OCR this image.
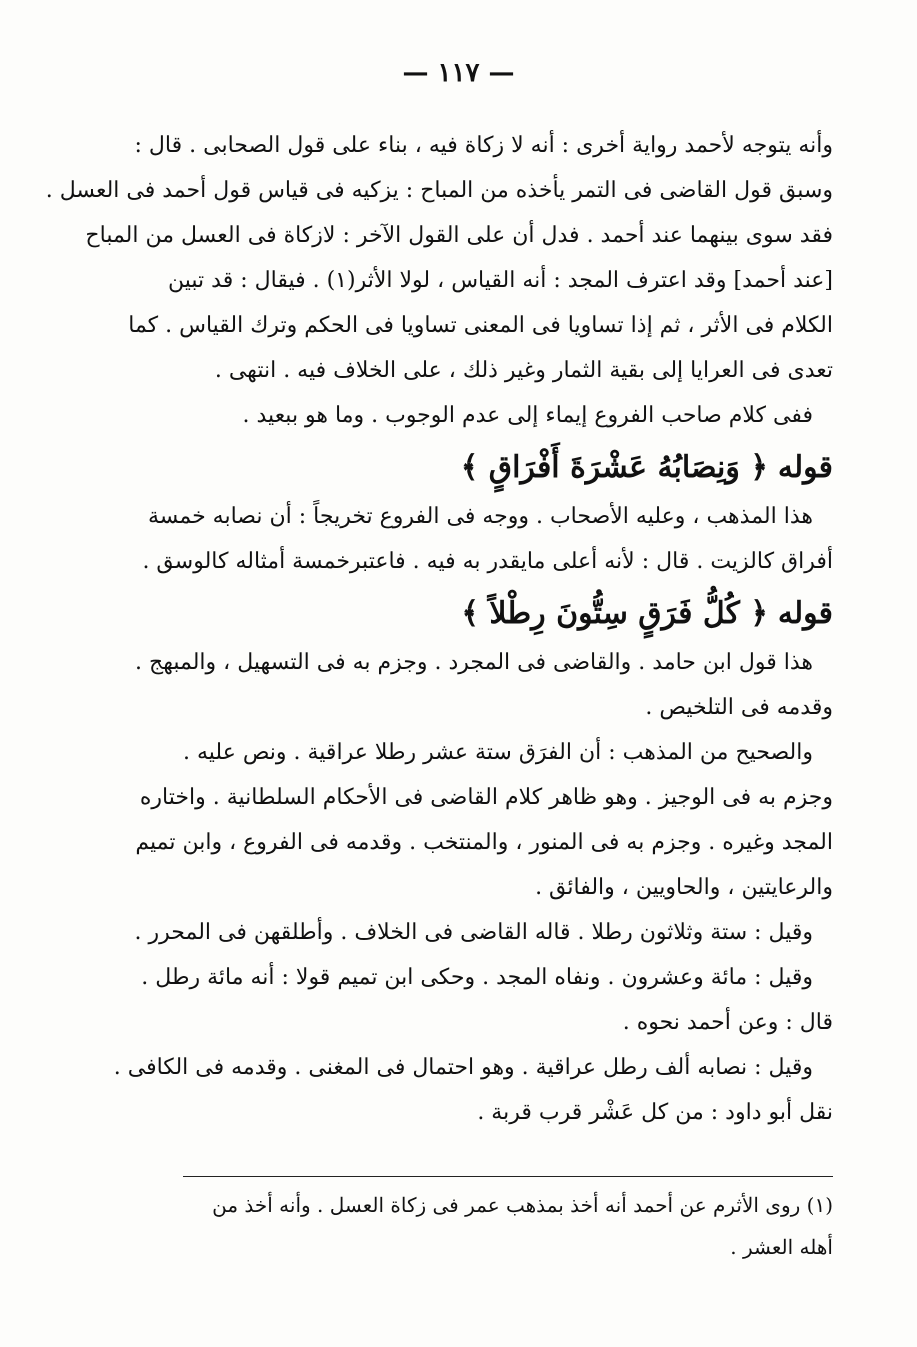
— ١١٧ —
وأنه يتوجه لأحمد رواية أخرى : أنه لا زكاة فيه ، بناء على قول الصحابى . قال :
وسبق قول القاضى فى التمر يأخذه من المباح : يزكيه فى قياس قول أحمد فى العسل .
فقد سوى بينهما عند أحمد . فدل أن على القول الآخر : لازكاة فى العسل من المباح
[عند أحمد] وقد اعترف المجد : أنه القياس ، لولا الأثر(١) . فيقال : قد تبين
الكلام فى الأثر ، ثم إذا تساويا فى المعنى تساويا فى الحكم وترك القياس . كما
تعدى فى العرايا إلى بقية الثمار وغير ذلك ، على الخلاف فيه . انتهى .
ففى كلام صاحب الفروع إيماء إلى عدم الوجوب . وما هو ببعيد .
قوله
﴿ وَنِصَابُهُ عَشْرَةَ أَفْرَاقٍ ﴾
هذا المذهب ، وعليه الأصحاب . ووجه فى الفروع تخريجاً : أن نصابه خمسة
أفراق كالزيت . قال : لأنه أعلى مايقدر به فيه . فاعتبرخمسة أمثاله كالوسق .
قوله
﴿ كُلُّ فَرَقٍ سِتُّونَ رِطْلاً ﴾
هذا قول ابن حامد . والقاضى فى المجرد . وجزم به فى التسهيل ، والمبهج .
وقدمه فى التلخيص .
والصحيح من المذهب : أن الفرَق ستة عشر رطلا عراقية . ونص عليه .
وجزم به فى الوجيز . وهو ظاهر كلام القاضى فى الأحكام السلطانية . واختاره
المجد وغيره . وجزم به فى المنور ، والمنتخب . وقدمه فى الفروع ، وابن تميم
والرعايتين ، والحاويين ، والفائق .
وقيل : ستة وثلاثون رطلا . قاله القاضى فى الخلاف . وأطلقهن فى المحرر .
وقيل : مائة وعشرون . ونفاه المجد . وحكى ابن تميم قولا : أنه مائة رطل .
قال : وعن أحمد نحوه .
وقيل : نصابه ألف رطل عراقية . وهو احتمال فى المغنى . وقدمه فى الكافى .
نقل أبو داود : من كل عَشْر قرب قربة .
(١) روى الأثرم عن أحمد أنه أخذ بمذهب عمر فى زكاة العسل . وأنه أخذ من
أهله العشر .
